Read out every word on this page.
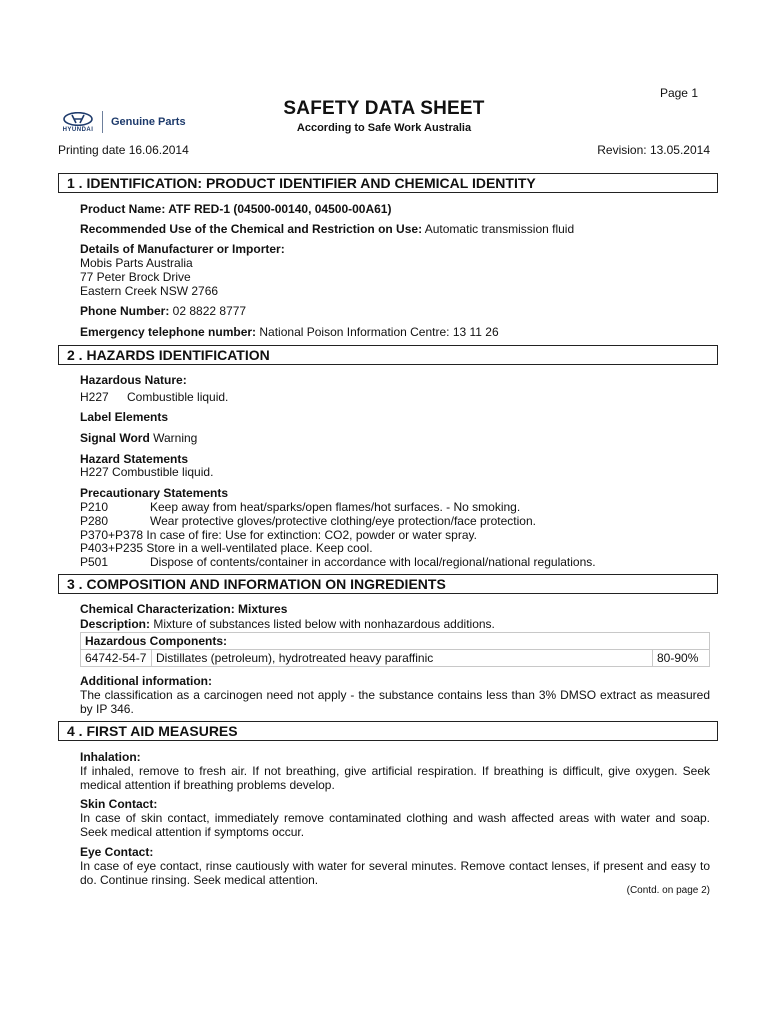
Page 1
HYUNDAI
Genuine Parts
SAFETY DATA SHEET
According to Safe Work Australia
Printing date 16.06.2014	Revision: 13.05.2014
1 . IDENTIFICATION: PRODUCT IDENTIFIER AND CHEMICAL IDENTITY
Product Name: ATF RED-1 (04500-00140, 04500-00A61)
Recommended Use of the Chemical and Restriction on Use: Automatic transmission fluid
Details of Manufacturer or Importer:
Mobis Parts Australia
77 Peter Brock Drive
Eastern Creek NSW 2766
Phone Number: 02 8822 8777
Emergency telephone number: National Poison Information Centre: 13 11 26
2 . HAZARDS IDENTIFICATION
Hazardous Nature:
H227 Combustible liquid.
Label Elements
Signal Word Warning
Hazard Statements
H227 Combustible liquid.
Precautionary Statements
P210	Keep away from heat/sparks/open flames/hot surfaces. - No smoking.
P280	Wear protective gloves/protective clothing/eye protection/face protection.
P370+P378 In case of fire: Use for extinction: CO2, powder or water spray.
P403+P235 Store in a well-ventilated place. Keep cool.
P501	Dispose of contents/container in accordance with local/regional/national regulations.
3 . COMPOSITION AND INFORMATION ON INGREDIENTS
Chemical Characterization: Mixtures
Description: Mixture of substances listed below with nonhazardous additions.
Hazardous Components:
64742-54-7	Distillates (petroleum), hydrotreated heavy paraffinic	80-90%
Additional information:
The classification as a carcinogen need not apply - the substance contains less than 3% DMSO extract as measured by IP 346.
4 . FIRST AID MEASURES
Inhalation:
If inhaled, remove to fresh air. If not breathing, give artificial respiration. If breathing is difficult, give oxygen. Seek medical attention if breathing problems develop.
Skin Contact:
In case of skin contact, immediately remove contaminated clothing and wash affected areas with water and soap. Seek medical attention if symptoms occur.
Eye Contact:
In case of eye contact, rinse cautiously with water for several minutes. Remove contact lenses, if present and easy to do. Continue rinsing. Seek medical attention.
(Contd. on page 2)
